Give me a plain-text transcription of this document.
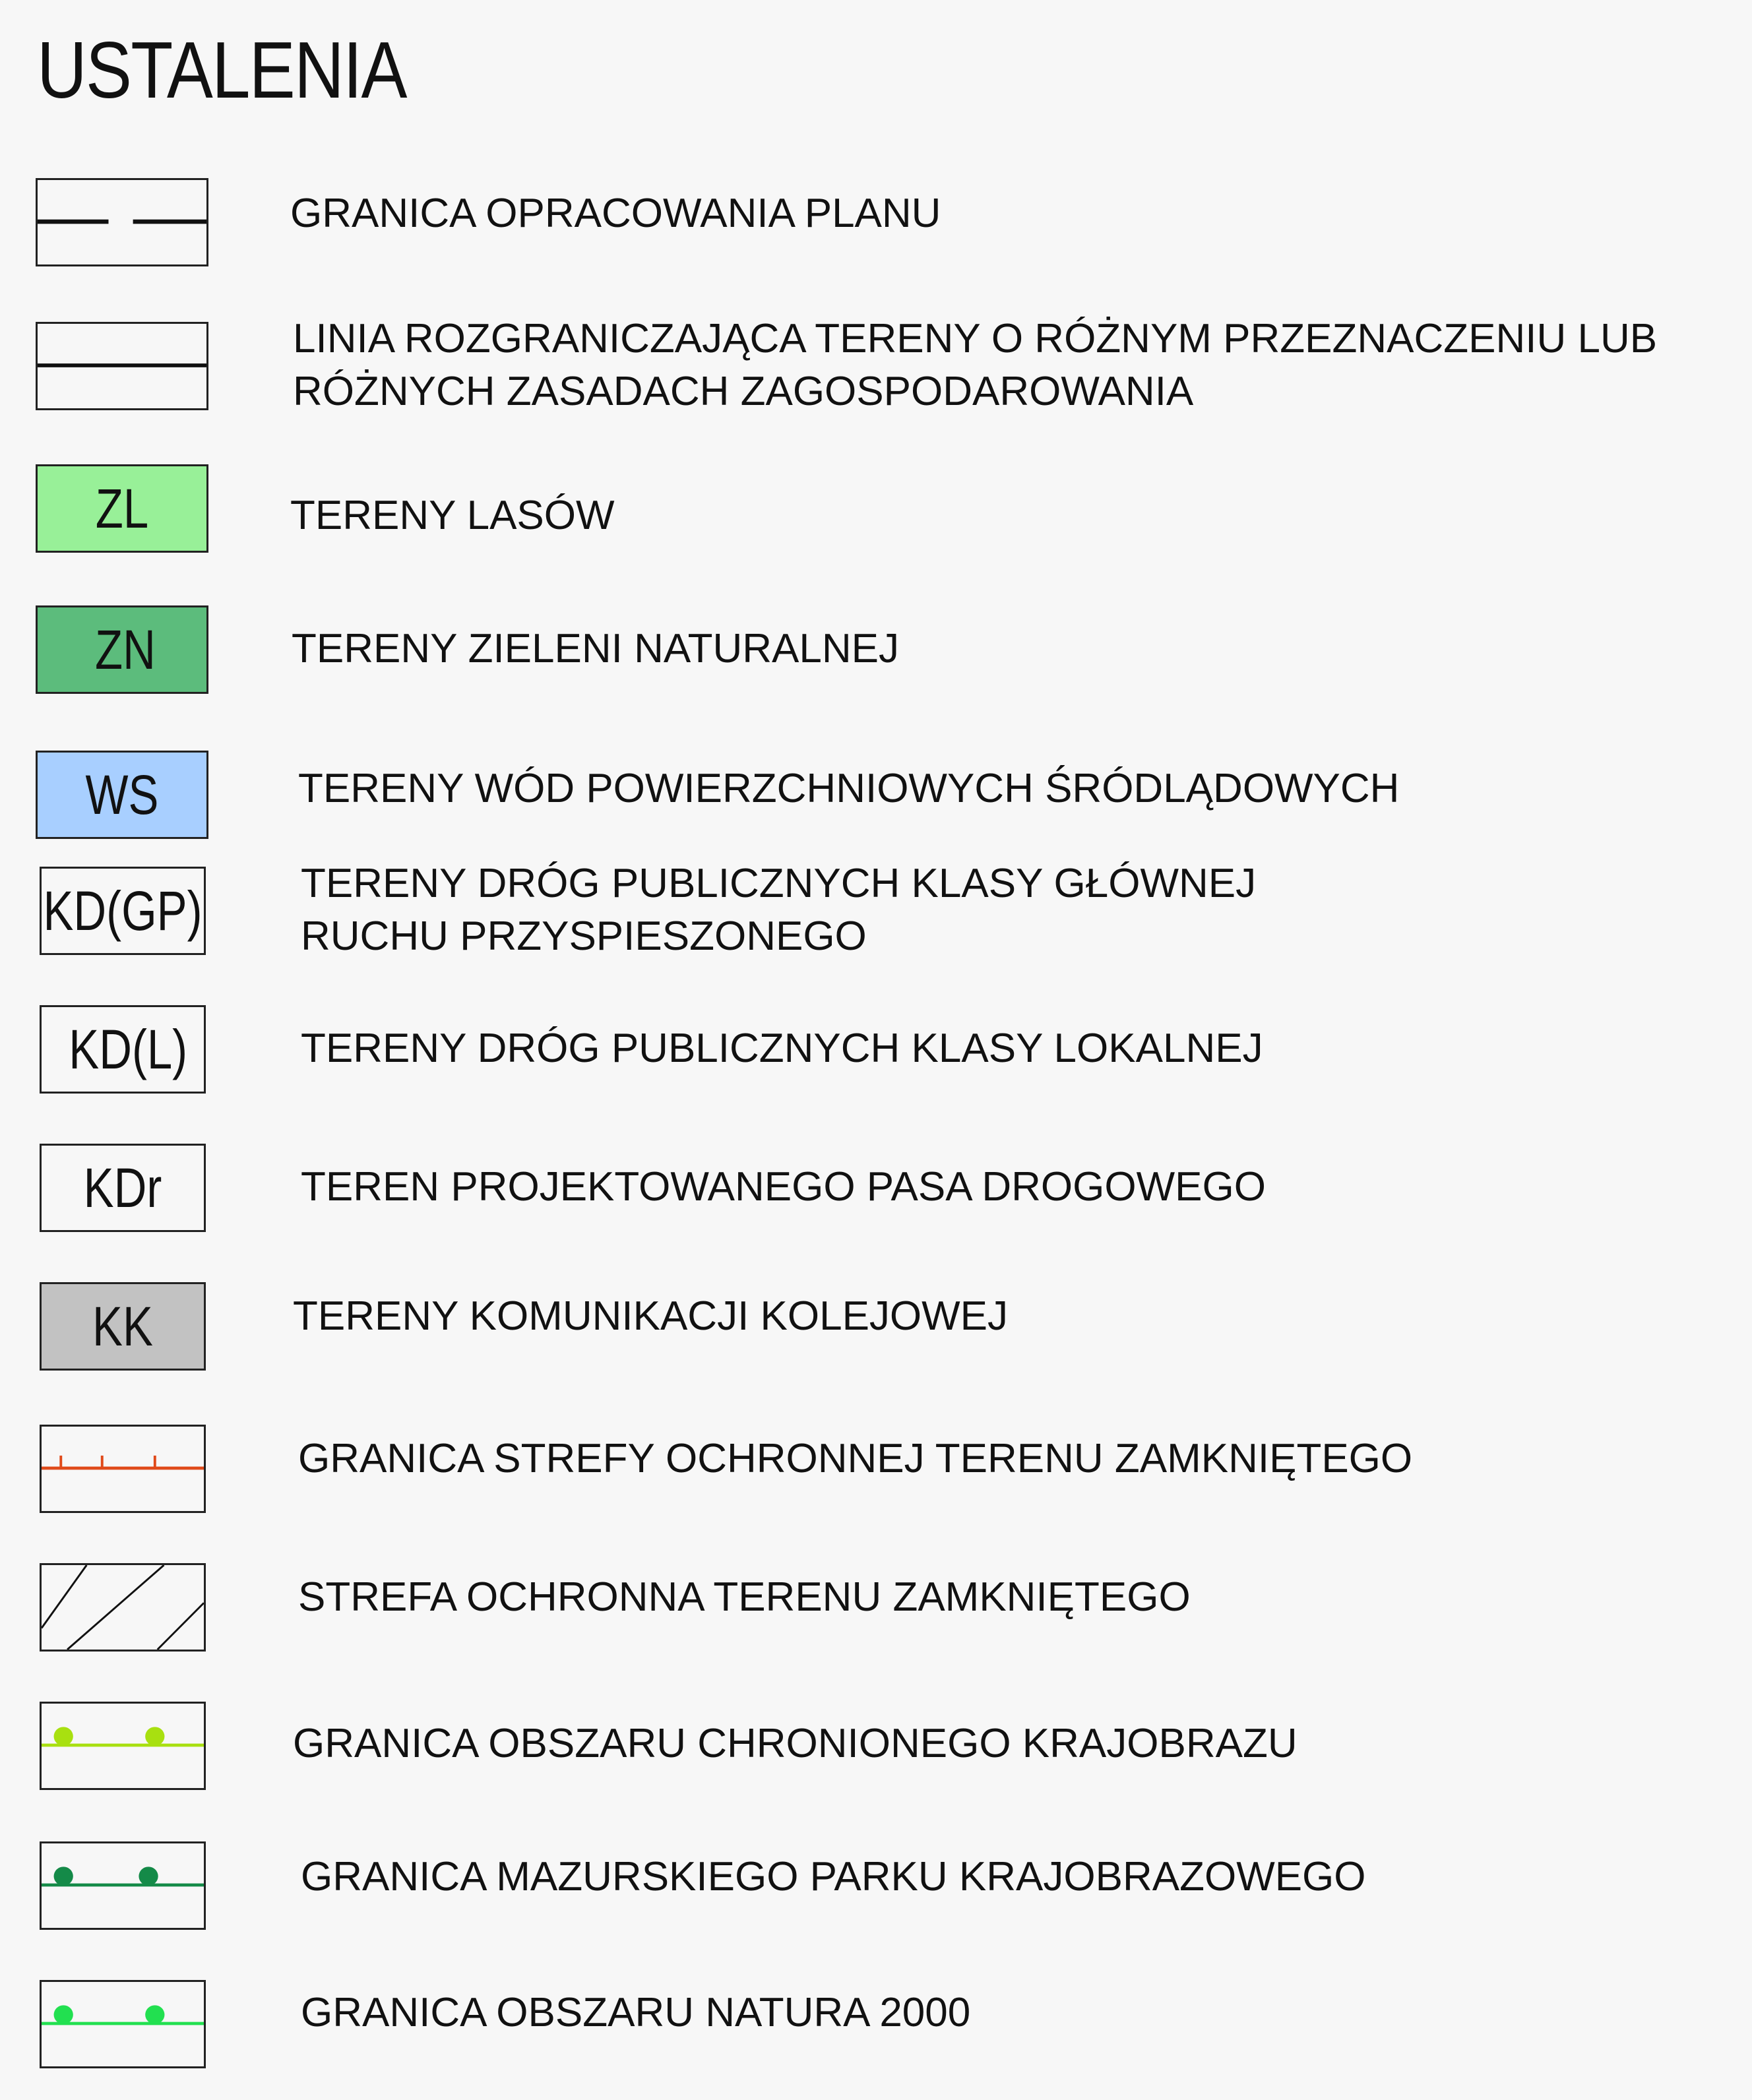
USTALENIA
GRANICA OPRACOWANIA PLANU
LINIA ROZGRANICZAJĄCA TERENY O RÓŻNYM PRZEZNACZENIU LUB
RÓŻNYCH ZASADACH ZAGOSPODAROWANIA
ZL	TERENY LASÓW
ZN	TERENY ZIELENI NATURALNEJ
WS	TERENY WÓD POWIERZCHNIOWYCH ŚRÓDLĄDOWYCH
KD(GP) TERENY DRÓG PUBLICZNYCH KLASY GŁÓWNEJ
RUCHU PRZYSPIESZONEGO
KD(L)	TERENY DRÓG PUBLICZNYCH KLASY LOKALNEJ
KDr	TEREN PROJEKTOWANEGO PASA DROGOWEGO
KK	TERENY KOMUNIKACJI KOLEJOWEJ
GRANICA STREFY OCHRONNEJ TERENU ZAMKNIĘTEGO
STREFA OCHRONNA TERENU ZAMKNIĘTEGO
GRANICA OBSZARU CHRONIONEGO KRAJOBRAZU
GRANICA MAZURSKIEGO PARKU KRAJOBRAZOWEGO
GRANICA OBSZARU NATURA 2000
